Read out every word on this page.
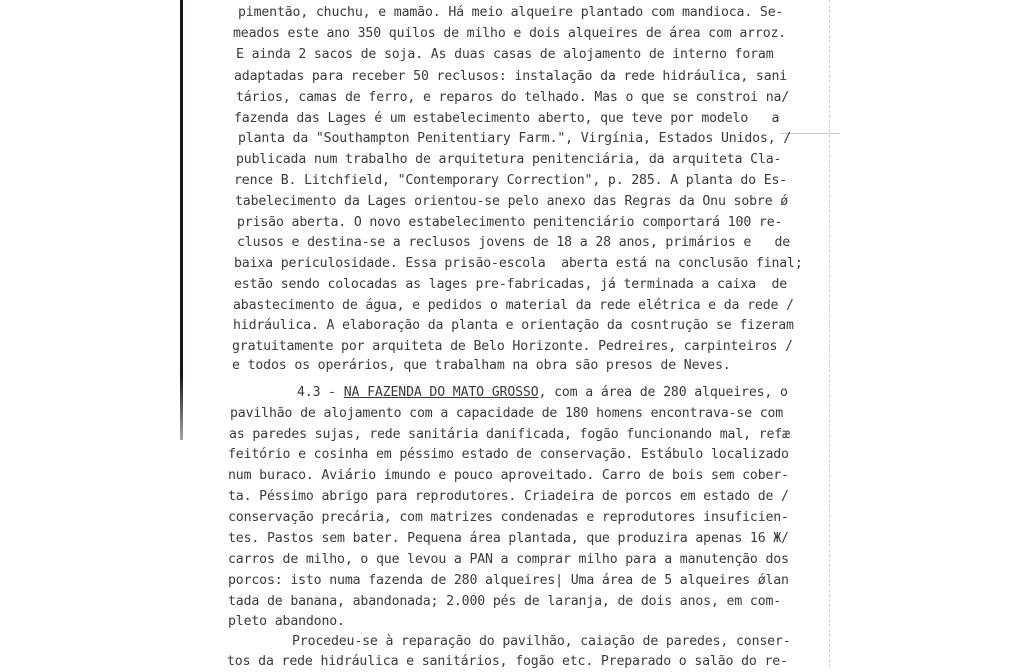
pimentão, chuchu, e mamão. Há meio alqueire plantado com mandioca. Se-
meados este ano 350 quilos de milho e dois alqueires de área com arroz.
E ainda 2 sacos de soja. As duas casas de alojamento de interno foram
adaptadas para receber 50 reclusos: instalação da rede hidráulica, sani
tários, camas de ferro, e reparos do telhado. Mas o que se constroi na/
fazenda das Lages é um estabelecimento aberto, que teve por modelo   a
planta da "Southampton Penitentiary Farm.", Virgínia, Estados Unidos, /
publicada num trabalho de arquitetura penitenciária, da arquiteta Cla-
rence B. Litchfield, "Contemporary Correction", p. 285. A planta do Es-
tabelecimento da Lages orientou-se pelo anexo das Regras da Onu sobre ǿ
prisão aberta. O novo estabelecimento penitenciário comportará 100 re-
clusos e destina-se a reclusos jovens de 18 a 28 anos, primários e   de
baixa periculosidade. Essa prisão-escola  aberta está na conclusão final;
estão sendo colocadas as lages pre-fabricadas, já terminada a caixa  de
abastecimento de água, e pedidos o material da rede elétrica e da rede /
hidráulica. A elaboração da planta e orientação da cosntrução se fizeram
gratuitamente por arquiteta de Belo Horizonte. Pedreires, carpinteiros /
e todos os operários, que trabalham na obra são presos de Neves.
4.3 - NA FAZENDA DO MATO GROSSO, com a área de 280 alqueires, o
pavilhão de alojamento com a capacidade de 180 homens encontrava-se com
as paredes sujas, rede sanitária danificada, fogão funcionando mal, refæ
feitório e cosinha em péssimo estado de conservação. Estábulo localizado
num buraco. Aviário imundo e pouco aproveitado. Carro de bois sem cober-
ta. Péssimo abrigo para reprodutores. Criadeira de porcos em estado de /
conservação precária, com matrizes condenadas e reprodutores insuficien-
tes. Pastos sem bater. Pequena área plantada, que produzira apenas 16 Ж/
carros de milho, o que levou a PAN a comprar milho para a manutenção dos
porcos: isto numa fazenda de 280 alqueires| Uma área de 5 alqueires ǿlan
tada de banana, abandonada; 2.000 pés de laranja, de dois anos, em com-
pleto abandono.
Procedeu-se à reparação do pavilhão, caiação de paredes, conser-
tos da rede hidráulica e sanitários, fogão etc. Preparado o salão do re-
